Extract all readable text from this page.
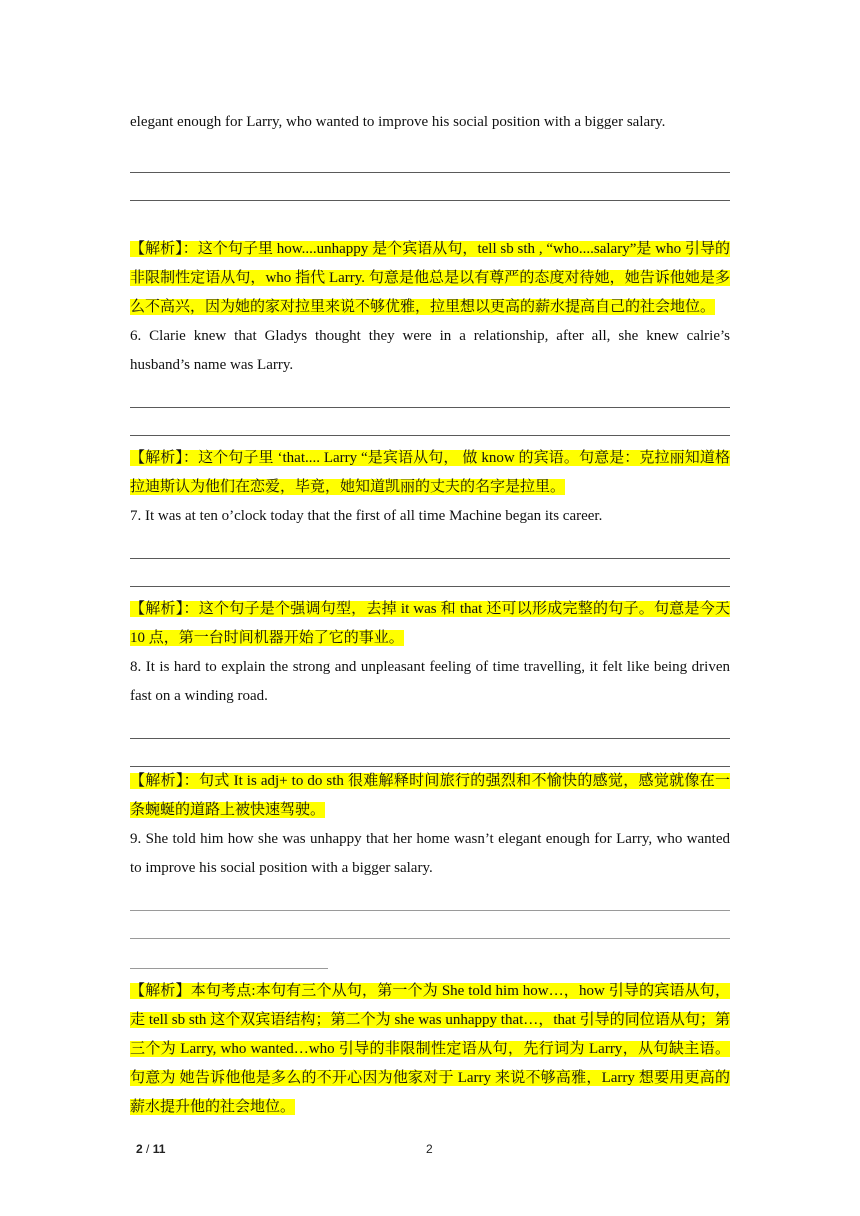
elegant enough for Larry, who wanted to improve his social position with a bigger salary.

【解析】：这个句子里 how....unhappy 是个宾语从句，tell sb sth , “who....salary”是 who 引导的非限制性定语从句，who 指代 Larry. 句意是他总是以有尊严的态度对待她，她告诉他她是多么不高兴，因为她的家对拉里来说不够优雅，拉里想以更高的薪水提高自己的社会地位。

6. Clarie knew that Gladys thought they were in a relationship, after all, she knew calrie’s husband’s name was Larry.

【解析】：这个句子里 ‘that.... Larry “是宾语从句， 做 know 的宾语。句意是：克拉丽知道格拉迪斯认为他们在恋爱，毕竟，她知道凯丽的丈夫的名字是拉里。

7. It was at ten o’clock today that the first of all time Machine began its career.

【解析】：这个句子是个强调句型，去掉 it was 和 that 还可以形成完整的句子。句意是今天 10 点，第一台时间机器开始了它的事业。

8. It is hard to explain the strong and unpleasant feeling of time travelling, it felt like being driven fast on a winding road.

【解析】：句式 It is adj+ to do sth 很难解释时间旅行的强烈和不愉快的感觉，感觉就像在一条蜿蜒的道路上被快速驾驶。

9. She told him how she was unhappy that her home wasn’t elegant enough for Larry, who wanted to improve his social position with a bigger salary.

【解析】本句考点:本句有三个从句，第一个为 She told him how…，how 引导的宾语从句，走 tell sb sth 这个双宾语结构；第二个为 she was unhappy that…，that 引导的同位语从句；第三个为 Larry, who wanted…who 引导的非限制性定语从句，先行词为 Larry，从句缺主语。句意为 她告诉他他是多么的不开心因为他家对于 Larry 来说不够高雅，Larry 想要用更高的薪水提升他的社会地位。

2 / 11	2
